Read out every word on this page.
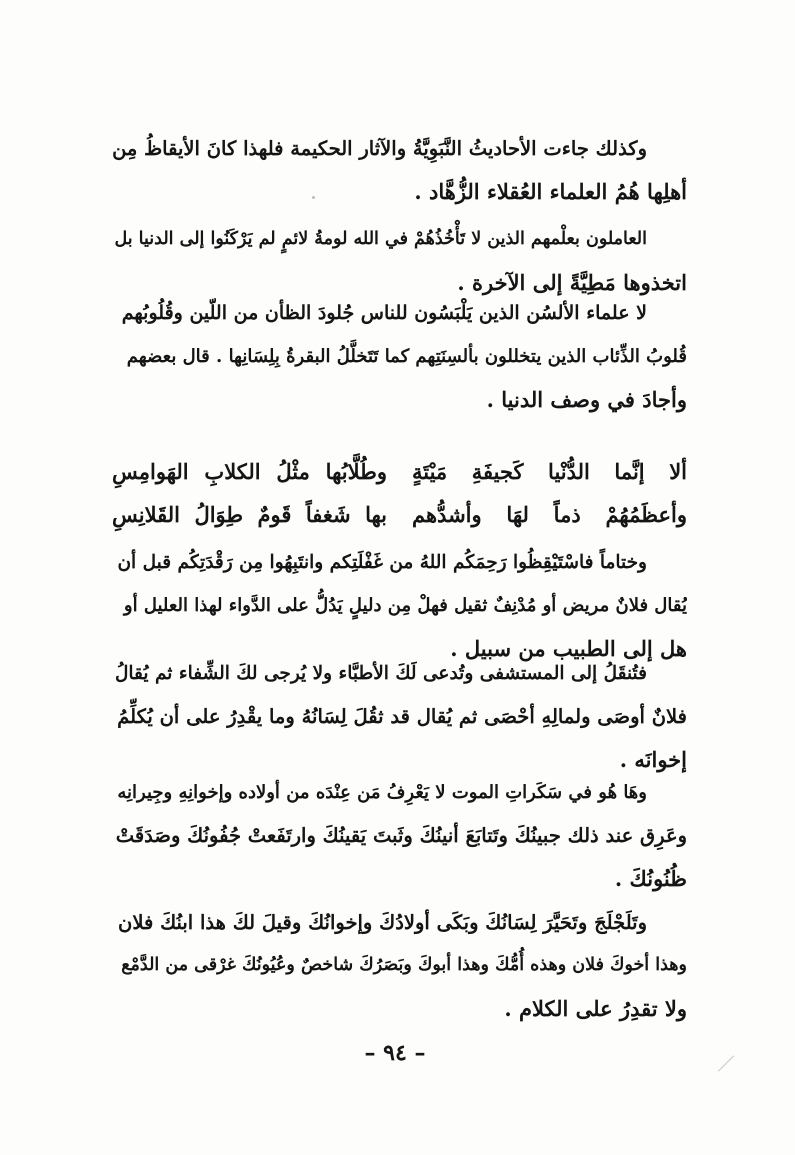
وكذلك جاءت الأحاديثُ النَّبَوِيَّةُ والآثار الحكيمة فلهذا كانَ الأيقاظُ مِن
أهلِها هُمُ العلماء العُقلاء الزُّهَّاد .
العاملون بعلْمهم الذين لا تَأْخُذُهُمْ في الله لومةُ لائمٍ لم يَرْكَنُوا إلى الدنيا بل
اتخذوها مَطِيَّةً إلى الآخرة .
لا علماء الألسُن الذين يَلْبَسُون للناس جُلودَ الظأن من اللّين وقُلُوبُهم
قُلوبُ الذِّئاب الذين يتخللون بألسِنَتِهم كما تَتَخلَّلُ البقرةُ بِلِسَانِها . قال بعضهم
وأجادَ في وصف الدنيا .
ألا إنَّما الدُّنْيا كَجيفَةِ مَيْتَةٍ
وطُلَّابُها مثْلُ الكلابِ الهَوامِسِ
وأعظَمُهُمْ ذماً لهَا وأشدُّهم
بها شَغفاً قَومٌ طِوَالُ القَلانِسِ
وختاماً فاسْتَيْقِظُوا رَحِمَكُم اللهُ من غَفْلَتِكم وانتَبِهُوا مِن رَقْدَتِكُم قبل أن
يُقال فلانٌ مريض أو مُدْنِفٌ ثقيل فهلْ مِن دليلٍ يَدُلُّ على الدَّواء لهذا العليل أو
هل إلى الطبيب من سبيل .
فتُنقَلُ إلى المستشفى وتُدعى لَكَ الأطبَّاء ولا يُرجى لكَ الشِّفاء ثم يُقالُ
فلانٌ أوصَى ولمالِهِ أحْصَى ثم يُقال قد ثقُلَ لِسَانُهُ وما يقْدِرُ على أن يُكلِّمُ
إخوانَه .
وهَا هُو في سَكَراتِ الموت لا يَعْرِفُ مَن عِنْدَه من أولاده وإخوانِهِ وجِيرانِه
وعَرِق عند ذلك جبينُكَ وتَتابَعَ أنينُكَ وثَبتَ يَقينُكَ وارتَفَعتْ جُفُونُكَ وصَدَقَتْ
ظُنُونُكَ .
وتَلَجْلَجَ وتَحَيَّرَ لِسَانُكَ وبَكَى أولادُكَ وإخوانُكَ وقيلَ لكَ هذا ابنُكَ فلان
وهذا أخوكَ فلان وهذه أُمُّكَ وهذا أبوكَ وبَصَرُكَ شاخصٌ وعُيُونُكَ غرْقى من الدَّمْع
ولا تقدِرُ على الكلام .
– ٩٤ –
